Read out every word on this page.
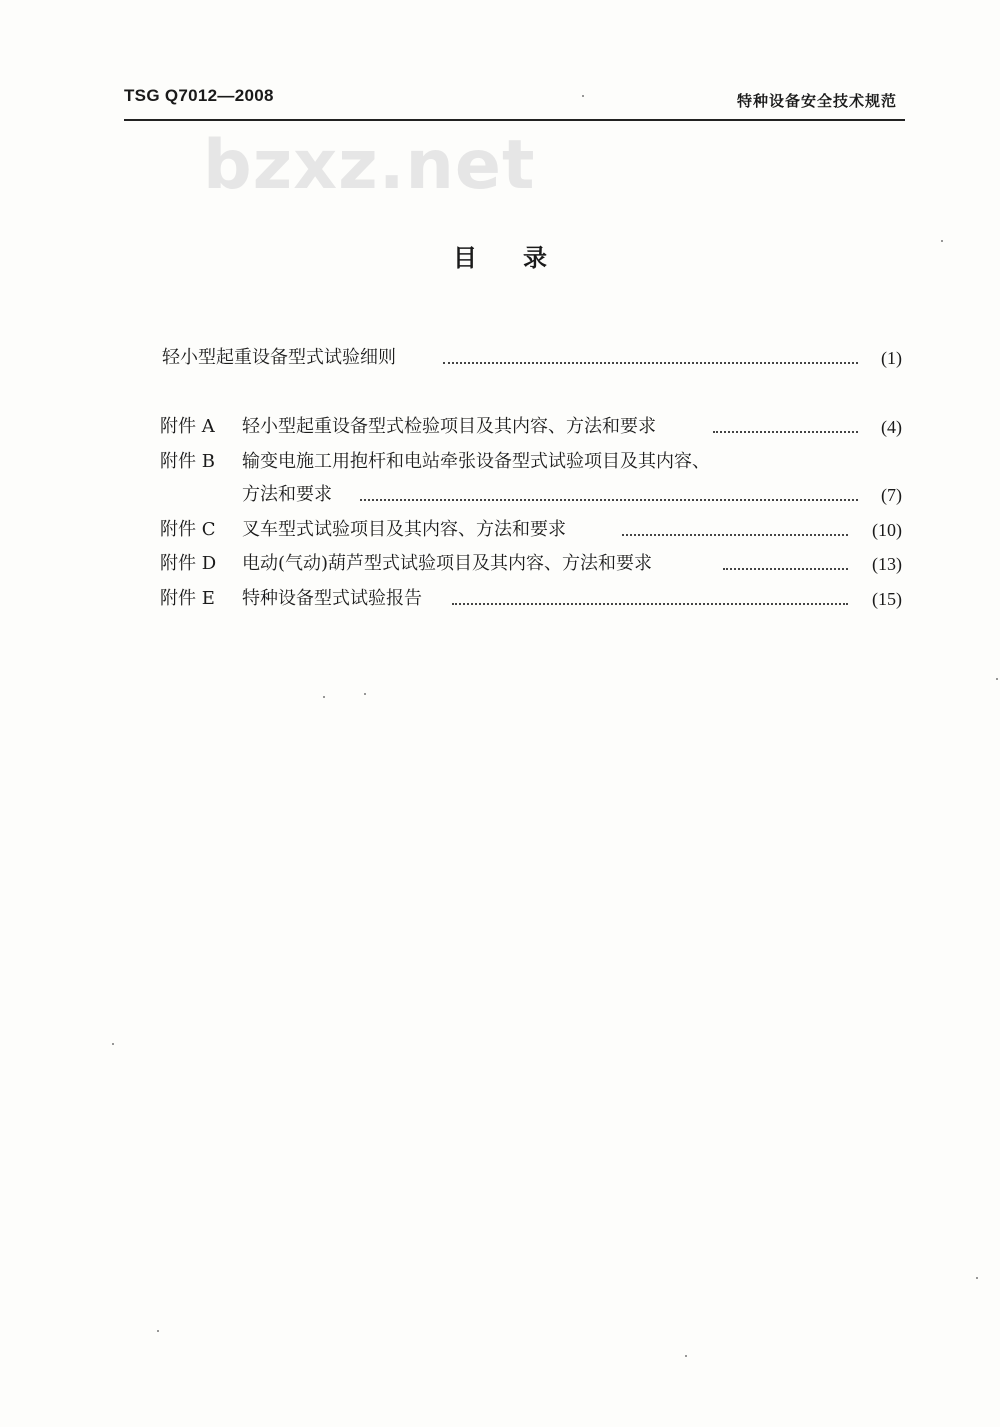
TSG Q7012—2008	特种设备安全技术规范
bzxz.net
目 录
轻小型起重设备型式试验细则	(1)
附件 A 轻小型起重设备型式检验项目及其内容、方法和要求	(4)
附件 B 输变电施工用抱杆和电站牵张设备型式试验项目及其内容、
方法和要求	(7)
附件 C 叉车型式试验项目及其内容、方法和要求	(10)
附件 D 电动(气动)葫芦型式试验项目及其内容、方法和要求	(13)
附件 E 特种设备型式试验报告	(15)
